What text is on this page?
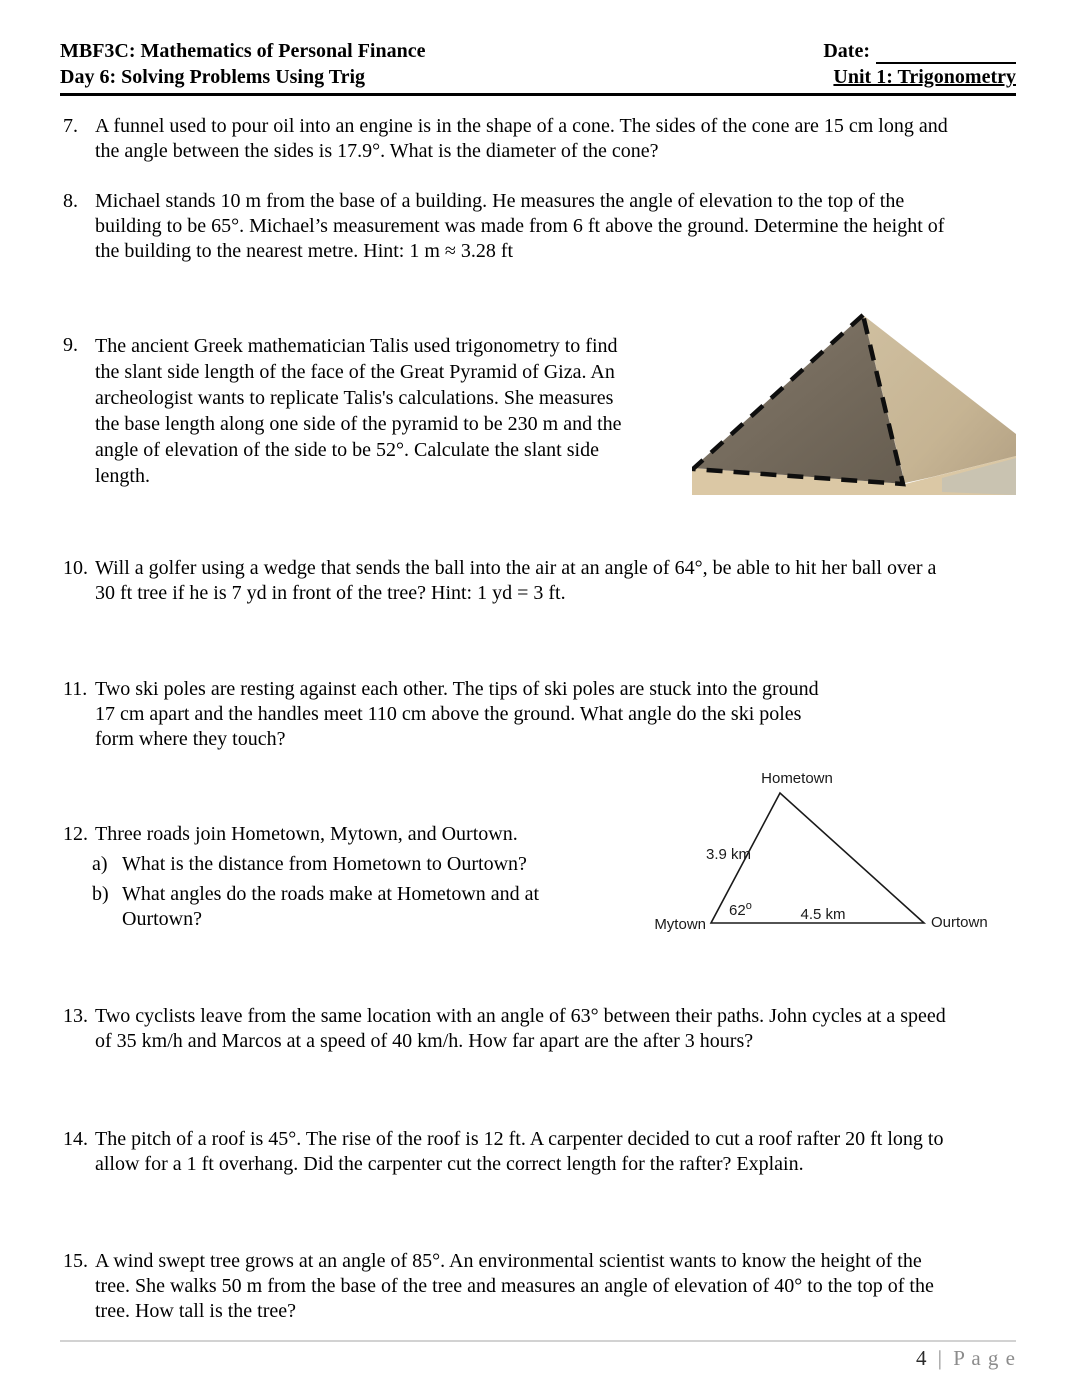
MBF3C: Mathematics of Personal Finance	Date:
Day 6: Solving Problems Using Trig	Unit 1: Trigonometry
7. A funnel used to pour oil into an engine is in the shape of a cone. The sides of the cone are 15 cm long and
the angle between the sides is 17.9°. What is the diameter of the cone?
8. Michael stands 10 m from the base of a building. He measures the angle of elevation to the top of the
building to be 65°. Michael’s measurement was made from 6 ft above the ground. Determine the height of
the building to the nearest metre. Hint: 1 m ≈ 3.28 ft
9. The ancient Greek mathematician Talis used trigonometry to find
the slant side length of the face of the Great Pyramid of Giza. An
archeologist wants to replicate Talis's calculations. She measures
the base length along one side of the pyramid to be 230 m and the
angle of elevation of the side to be 52°. Calculate the slant side
length.
10. Will a golfer using a wedge that sends the ball into the air at an angle of 64°, be able to hit her ball over a
30 ft tree if he is 7 yd in front of the tree? Hint: 1 yd = 3 ft.
11. Two ski poles are resting against each other. The tips of ski poles are stuck into the ground
17 cm apart and the handles meet 110 cm above the ground. What angle do the ski poles
form where they touch?
Hometown
Mytown	Ourtown
3.9 km
62$^o$	4.5 km
12. Three roads join Hometown, Mytown, and Ourtown.
a) What is the distance from Hometown to Ourtown?
b) What angles do the roads make at Hometown and at
Ourtown?
13. Two cyclists leave from the same location with an angle of 63° between their paths. John cycles at a speed
of 35 km/h and Marcos at a speed of 40 km/h. How far apart are the after 3 hours?
14. The pitch of a roof is 45°. The rise of the roof is 12 ft. A carpenter decided to cut a roof rafter 20 ft long to
allow for a 1 ft overhang. Did the carpenter cut the correct length for the rafter? Explain.
15. A wind swept tree grows at an angle of 85°. An environmental scientist wants to know the height of the
tree. She walks 50 m from the base of the tree and measures an angle of elevation of 40° to the top of the
tree. How tall is the tree?
4 | P a g e
